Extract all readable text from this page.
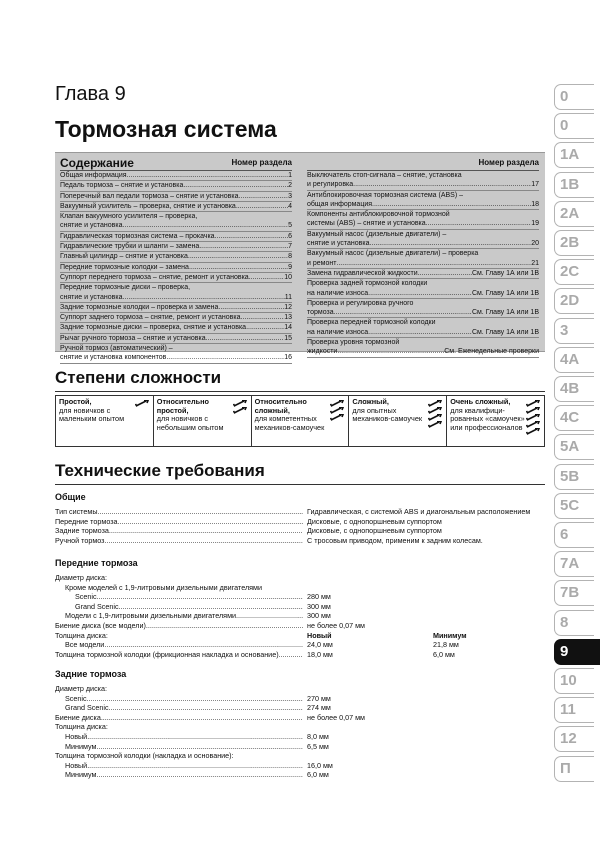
Глава 9
Тормозная система
Содержание	Номер раздела
Общая информация .....	1
Педаль тормоза – снятие и установка .....	2
Поперечный вал педали тормоза – снятие и установка .....	3
Вакуумный усилитель – проверка, снятие и установка .....	4
Клапан вакуумного усилителя – проверка,
снятие и установка .....	5
Гидравлическая тормозная система – прокачка .....	6
Гидравлические трубки и шланги – замена .....	7
Главный цилиндр – снятие и установка .....	8
Передние тормозные колодки – замена .....	9
Суппорт переднего тормоза – снятие, ремонт и установка .....	10
Передние тормозные диски – проверка,
снятие и установка .....	11
Задние тормозные колодки – проверка и замена .....	12
Суппорт заднего тормоза – снятие, ремонт и установка .....	13
Задние тормозные диски – проверка, снятие и установка .....	14
Рычаг ручного тормоза – снятие и установка .....	15
Ручной тормоз (автоматический) –
снятие и установка компонентов .....	16
Номер раздела
Выключатель стоп-сигнала – снятие, установка
и регулировка .....	17
Антиблокировочная тормозная система (ABS) –
общая информация .....	18
Компоненты антиблокировочной тормозной
системы (ABS) – снятие и установка .....	19
Вакуумный насос (дизельные двигатели) –
снятие и установка .....	20
Вакуумный насос (дизельные двигатели) – проверка
и ремонт .....	21
Замена гидравлической жидкости .....	См. Главу 1А или 1В
Проверка задней тормозной колодки
на наличие износа .....	См. Главу 1А или 1В
Проверка и регулировка ручного
тормоза .....	См. Главу 1А или 1В
Проверка передней тормозной колодки
на наличие износа .....	См. Главу 1А или 1В
Проверка уровня тормозной
жидкости .....	См. Еженедельные проверки
Степени сложности
Простой,
для новичков с маленьким опытом
Относительно простой,
для новичков с небольшим опытом
Относительно сложный,
для компетентных механиков-самоучек
Сложный,
для опытных механиков-самоучек
Очень сложный,
для квалифици-рованных «самоучек» или профессионалов
Технические требования
Общие
Тип системы .....	Гидравлическая, с системой ABS и диагональным расположением
Передние тормоза .....	Дисковые, с однопоршневым суппортом
Задние тормоза .....	Дисковые, с однопоршневым суппортом
Ручной тормоз .....	С тросовым приводом, применим к задним колесам.
Передние тормоза
Диаметр диска:
Кроме моделей с 1,9-литровыми дизельными двигателями
Scenic .....	280 мм
Grand Scenic .....	300 мм
Модели с 1,9-литровыми дизельными двигателями .....	300 мм
Биение диска (все модели) .....	не более 0,07 мм
Толщина диска:	Новый	Минимум
Все модели .....	24,0 мм	21,8 мм
Толщина тормозной колодки (фрикционная накладка и основание) .....	18,0 мм	6,0 мм
Задние тормоза
Диаметр диска:
Scenic .....	270 мм
Grand Scenic .....	274 мм
Биение диска .....	не более 0,07 мм
Толщина диска:
Новый .....	8,0 мм
Минимум .....	6,5 мм
Толщина тормозной колодки (накладка и основание):
Новый .....	16,0 мм
Минимум .....	6,0 мм
0
0
1A
1B
2A
2B
2C
2D
3
4A
4B
4C
5A
5B
5C
6
7A
7B
8
9
10
11
12
П
